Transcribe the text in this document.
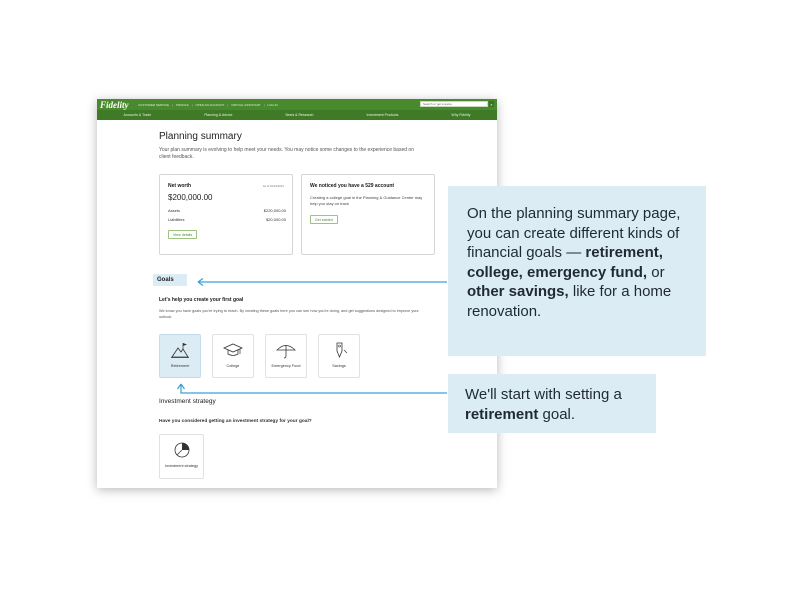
Fidelity	CUSTOMER SERVICE | PROFILE | OPEN AN ACCOUNT | VIRTUAL ASSISTANT | LOG IN	Search or get a quote	⌕
Accounts & Trade	Planning & Advice	News & Research	Investment Products	Why Fidelity
Planning summary
Your plan summary is evolving to help meet your needs. You may notice some changes to the experience based on client feedback.
Net worth	As of 01/01/2021
$200,000.00
Assets	$220,000.00
Liabilities	$20,000.00
View details
We noticed you have a 529 account
Creating a college goal in the Planning & Guidance Center may help you stay on track
Get started
Goals
Let's help you create your first goal
We know you have goals you're trying to reach. By creating these goals here you can see how you're doing, and get suggestions designed to improve your outlook.
Retirement	College	Emergency Fund	Savings
Investment strategy
Have you considered getting an investment strategy for your goal?
Investment strategy
On the planning summary page, you can create different kinds of financial goals — retirement, college, emergency fund, or other savings, like for a home renovation.
We'll start with setting a retirement goal.
